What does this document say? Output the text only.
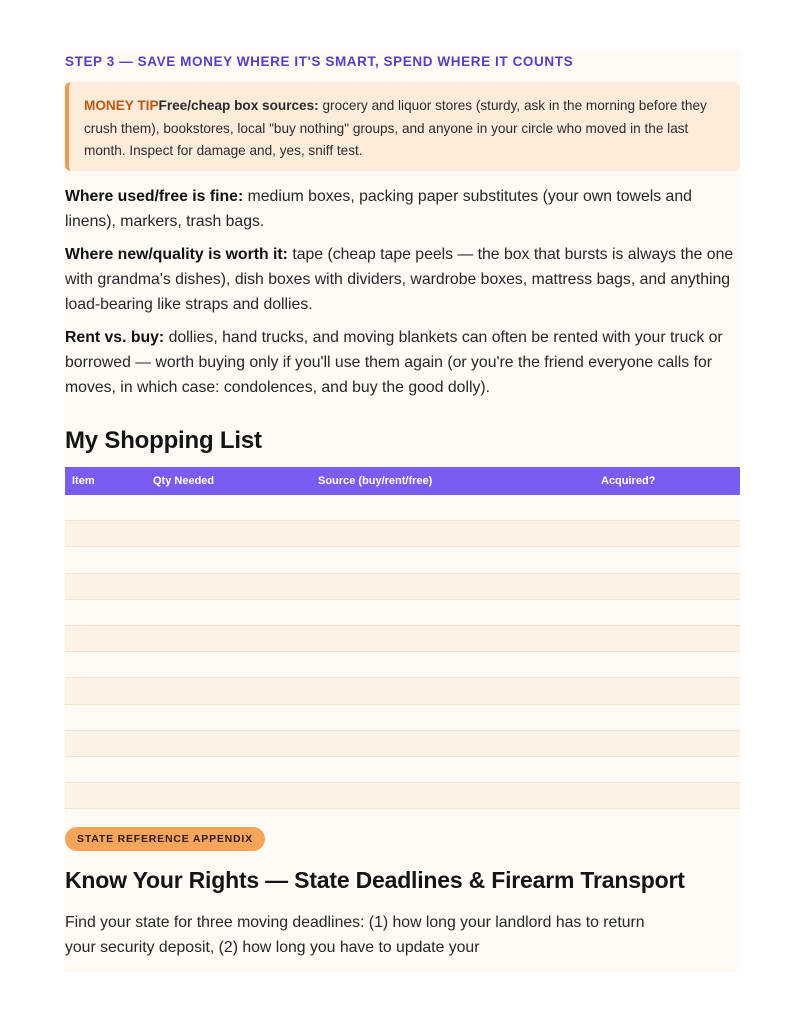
STEP 3 — SAVE MONEY WHERE IT'S SMART, SPEND WHERE IT COUNTS
MONEY TIPFree/cheap box sources: grocery and liquor stores (sturdy, ask in the morning before they crush them), bookstores, local "buy nothing" groups, and anyone in your circle who moved in the last month. Inspect for damage and, yes, sniff test.

Where used/free is fine: medium boxes, packing paper substitutes (your own towels and linens), markers, trash bags.

Where new/quality is worth it: tape (cheap tape peels — the box that bursts is always the one with grandma's dishes), dish boxes with dividers, wardrobe boxes, mattress bags, and anything load-bearing like straps and dollies.

Rent vs. buy: dollies, hand trucks, and moving blankets can often be rented with your truck or borrowed — worth buying only if you'll use them again (or you're the friend everyone calls for moves, in which case: condolences, and buy the good dolly).

My Shopping List
Item	Qty Needed	Source (buy/rent/free)	Acquired?

STATE REFERENCE APPENDIX
Know Your Rights — State Deadlines & Firearm Transport

Find your state for three moving deadlines: (1) how long your landlord has to return your security deposit, (2) how long you have to update your
